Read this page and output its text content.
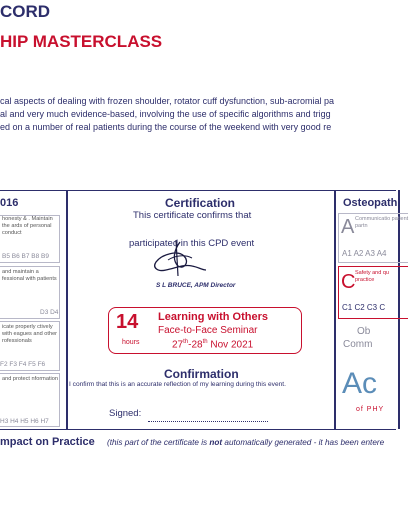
CORD
HIP MASTERCLASS
cal aspects of dealing with frozen shoulder, rotator cuff dysfunction, sub-acromial pa
al and very much evidence-based, involving the use of specific algorithms and trigg
ed on a number of real patients during the course of the weekend with very good re
016
honesty & . Maintain the ards of personal conduct
B5 B6 B7 B8 B9
and maintain a fessional with patients
D3 D4
icate properly ctively with eagues and other rofessionals
F2 F3 F4 F5 F6
and protect nformation
H3 H4 H5 H6 H7
Certification
This certificate confirms that
participated in this CPD event
S L BRUCE, APM Director
14
hours
Learning with Others
Face-to-Face Seminar
27th-28th Nov 2021
Confirmation
I confirm that this is an accurate reflection of my learning during this event.
Signed:
Osteopath
A Communicatio patient partn
A1 A2 A3 A4
C Safety and qu practice
C1 C2 C3 C
Ob
Comm
Ac
of PHY
mpact on Practice (this part of the certificate is not automatically generated - it has been entere
